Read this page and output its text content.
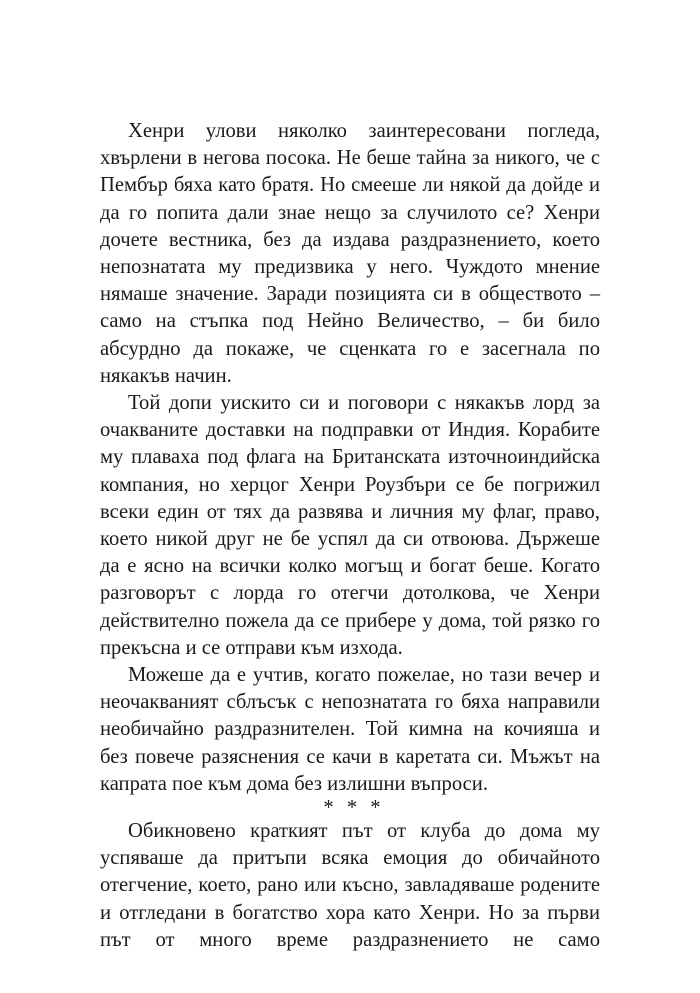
Хенри улови няколко заинтересовани погледа, хвърлени в негова посока. Не беше тайна за никого, че с Пембър бяха като братя. Но смееше ли някой да дойде и да го попита дали знае нещо за случилото се? Хенри дочете вестника, без да издава раздразнението, което непознатата му предизвика у него. Чуждото мнение нямаше значение. Заради позицията си в обществото – само на стъпка под Нейно Величество, – би било абсурдно да покаже, че сценката го е засегнала по някакъв начин.

Той допи уискито си и поговори с някакъв лорд за очакваните доставки на подправки от Индия. Корабите му плаваха под флага на Британската източноиндийска компания, но херцог Хенри Роузбъри се бе погрижил всеки един от тях да развява и личния му флаг, право, което никой друг не бе успял да си отвоюва. Държеше да е ясно на всички колко могъщ и богат беше. Когато разговорът с лорда го отегчи дотолкова, че Хенри действително пожела да се прибере у дома, той рязко го прекъсна и се отправи към изхода.

Можеше да е учтив, когато пожелае, но тази вечер и неочакваният сблъсък с непознатата го бяха направили необичайно раздразнителен. Той кимна на кочияша и без повече разяснения се качи в каретата си. Мъжът на капрата пое към дома без излишни въпроси.

* * *

Обикновено краткият път от клуба до дома му успяваше да притъпи всяка емоция до обичайното отегчение, което, рано или късно, завладяваше родените и отгледани в богатство хора като Хенри. Но за първи път от много време раздразнението не само
